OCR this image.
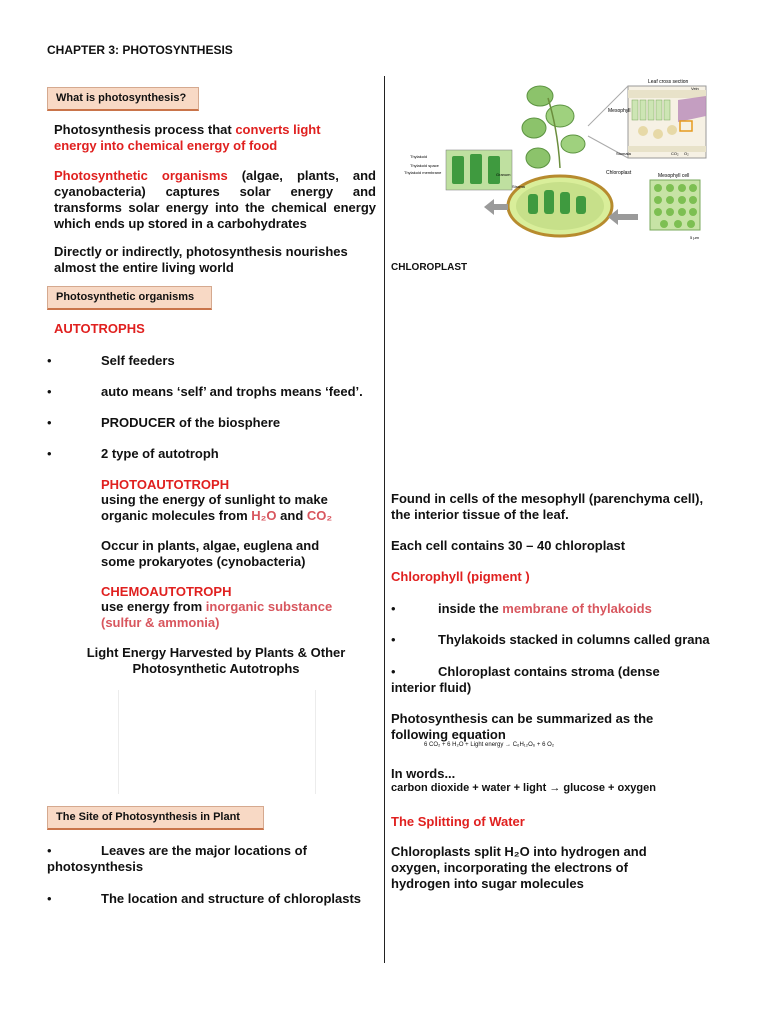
CHAPTER 3: PHOTOSYNTHESIS
What is photosynthesis?
Photosynthesis process that converts light energy into chemical energy of food
Photosynthetic organisms (algae, plants, and cyanobacteria) captures solar energy and transforms solar energy into the chemical energy which ends up stored in a carbohydrates
Directly or indirectly, photosynthesis nourishes almost the entire living world
Photosynthetic organisms
AUTOTROPHS
•	Self feeders
•	auto means ‘self’ and trophs means ‘feed’.
•	PRODUCER of the biosphere
•	2 type of autotroph
PHOTOAUTOTROPH
using the energy of sunlight to make organic molecules from H₂O and CO₂
Occur in plants, algae, euglena and some prokaryotes (cynobacteria)
CHEMOAUTOTROPH
use energy from inorganic substance (sulfur & ammonia)
Light Energy Harvested by Plants & Other
Photosynthetic Autotrophs
The Site of Photosynthesis in Plant
•	Leaves are the major locations of
photosynthesis
•	The location and structure of chloroplasts
Leaf cross section
Vein
Mesophyll
Stomata	CO₂ O₂
Mesophyll cell
5 µm
Chloroplast
Thylakoid
Thylakoid space
Thylakoid membrane	Granum
Stroma
CHLOROPLAST
Found in cells of the mesophyll (parenchyma cell), the interior tissue of the leaf.
Each cell contains 30 – 40 chloroplast
Chlorophyll (pigment )
•	inside the membrane of thylakoids
•	Thylakoids stacked in columns called grana
•	Chloroplast contains stroma (dense
interior fluid)
Photosynthesis can be summarized as the following equation
6 CO₂ + 6 H₂O + Light energy → C₆H₁₂O₆ + 6 O₂
In words...
carbon dioxide + water + light → glucose + oxygen
The Splitting of Water
Chloroplasts split H₂O into hydrogen and oxygen, incorporating the electrons of hydrogen into sugar molecules
